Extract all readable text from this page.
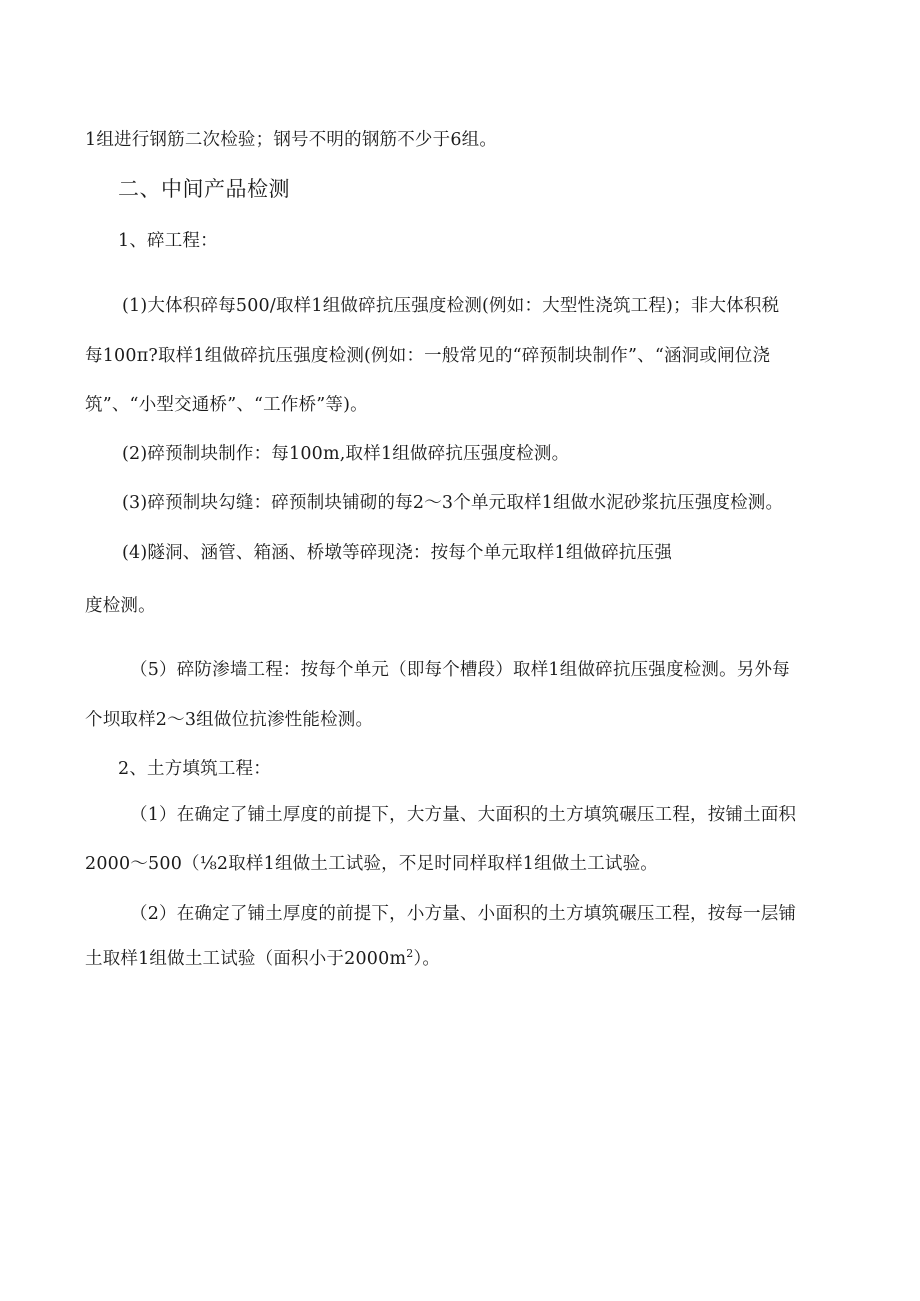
1组进行钢筋二次检验；钢号不明的钢筋不少于6组。
二、中间产品检测
1、碎工程：
(1)大体积碎每500/取样1组做碎抗压强度检测(例如：大型性浇筑工程)；非大体积税
每100π?取样1组做碎抗压强度检测(例如：一般常见的“碎预制块制作”、“涵洞或闸位浇
筑”、“小型交通桥”、“工作桥”等)。
(2)碎预制块制作：每100m,取样1组做碎抗压强度检测。
(3)碎预制块勾缝：碎预制块铺砌的每2～3个单元取样1组做水泥砂浆抗压强度检测。
(4)隧洞、涵管、箱涵、桥墩等碎现浇：按每个单元取样1组做碎抗压强
度检测。
（5）碎防渗墙工程：按每个单元（即每个槽段）取样1组做碎抗压强度检测。另外每
个坝取样2～3组做位抗渗性能检测。
2、土方填筑工程：
（1）在确定了铺土厚度的前提下，大方量、大面积的土方填筑碾压工程，按铺土面积
2000～500（⅛2取样1组做土工试验，不足时同样取样1组做土工试验。
（2）在确定了铺土厚度的前提下，小方量、小面积的土方填筑碾压工程，按每一层铺
土取样1组做土工试验（面积小于$2000m^2$）。
